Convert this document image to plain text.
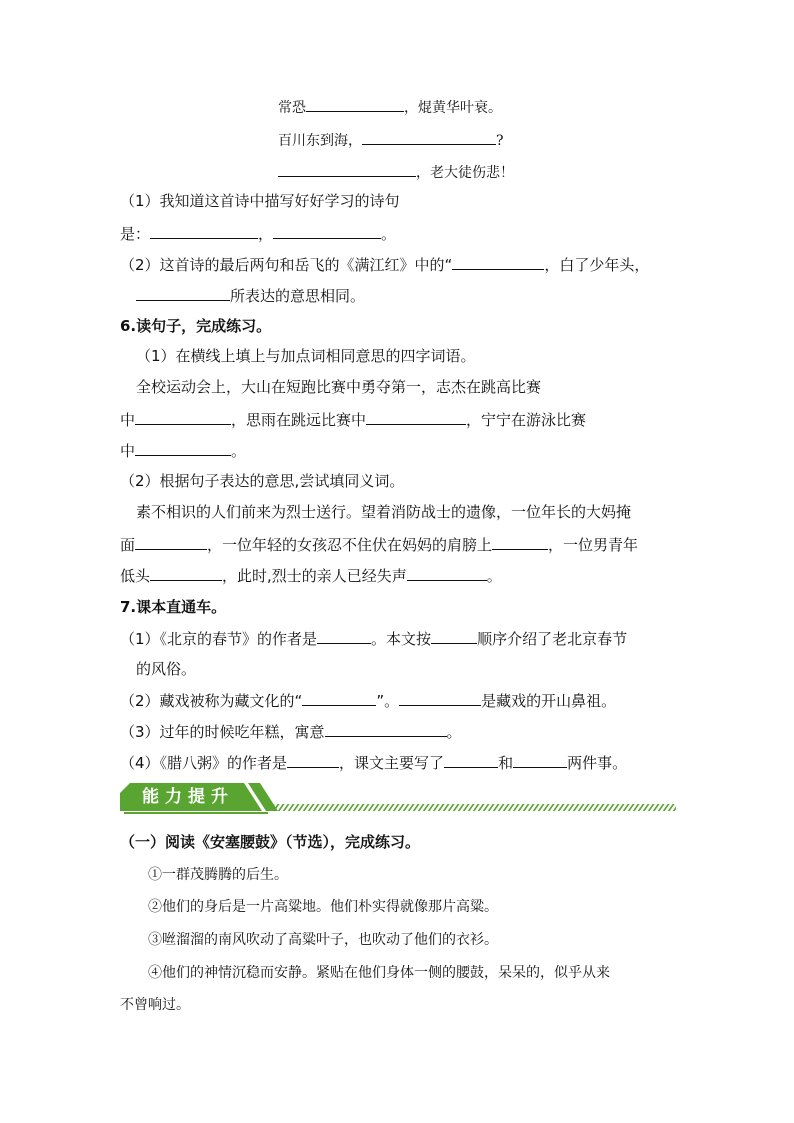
常恐	，焜黄华叶衰。
百川东到海，	?
，老大徒伤悲！
（1）我知道这首诗中描写好好学习的诗句
是：	，	。
（2）这首诗的最后两句和岳飞的《满江红》中的“	，白了少年头，
所表达的意思相同。
6.读句子，完成练习。
（1）在横线上填上与加点词相同意思的四字词语。
全校运动会上，大山在短跑比赛中勇夺第一，志杰在跳高比赛
中	，思雨在跳远比赛中	，宁宁在游泳比赛
中	。
（2）根据句子表达的意思,尝试填同义词。
素不相识的人们前来为烈士送行。望着消防战士的遗像，一位年长的大妈掩
面	，一位年轻的女孩忍不住伏在妈妈的肩膀上	，一位男青年
低头	，此时,烈士的亲人已经失声	。
7.课本直通车。
（1）《北京的春节》的作者是	。本文按	顺序介绍了老北京春节
的风俗。
（2）藏戏被称为藏文化的“	”。	是藏戏的开山鼻祖。
（3）过年的时候吃年糕，寓意	。
（4）《腊八粥》的作者是	，课文主要写了	和	两件事。
能力提升
（一）阅读《安塞腰鼓》（节选），完成练习。
①一群茂腾腾的后生。
②他们的身后是一片高粱地。他们朴实得就像那片高粱。
③咝溜溜的南风吹动了高粱叶子，也吹动了他们的衣衫。
④他们的神情沉稳而安静。紧贴在他们身体一侧的腰鼓，呆呆的，似乎从来
不曾响过。
